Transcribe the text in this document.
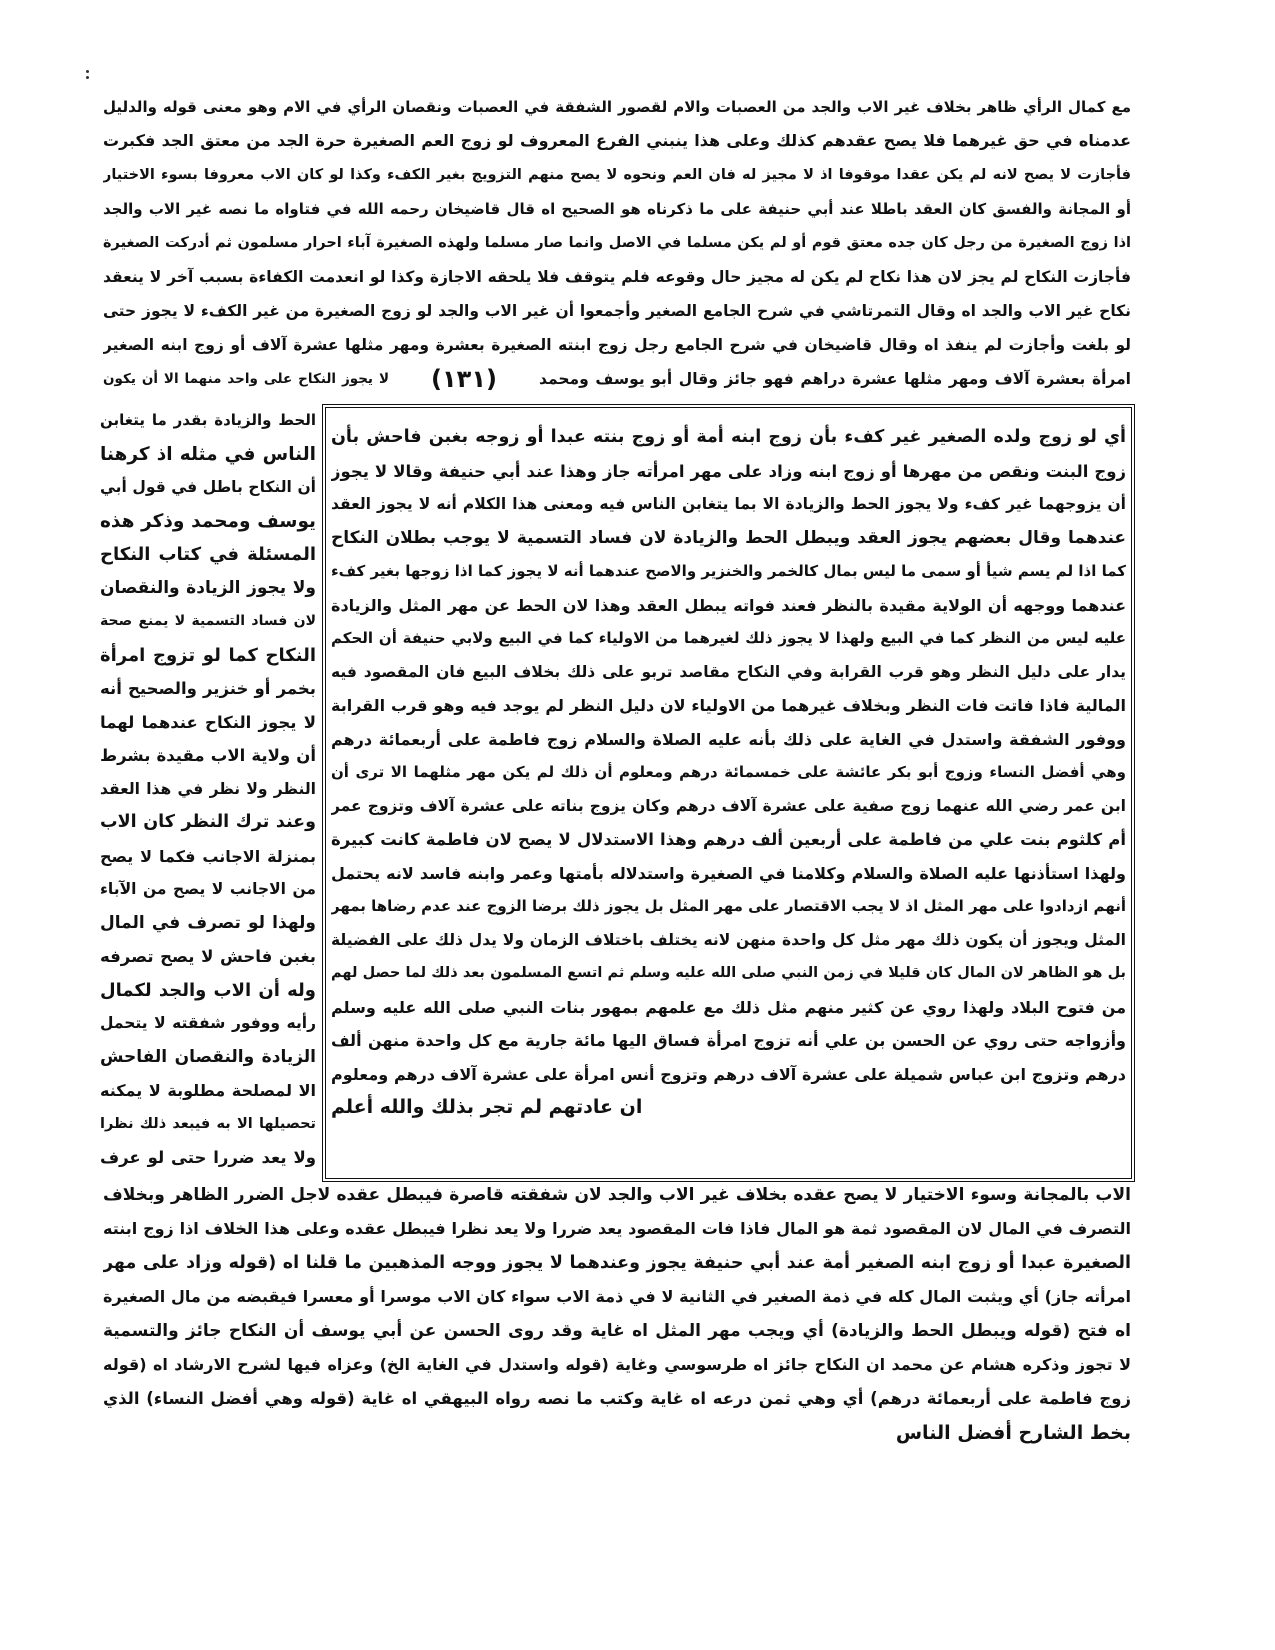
مع كمال الرأي ظاهر بخلاف غير الاب والجد من العصبات والام لقصور الشفقة في العصبات ونقصان الرأي في الام وهو معنى قوله والدليل
عدمناه في حق غيرهما فلا يصح عقدهم كذلك وعلى هذا ينبني الفرع المعروف لو زوج العم الصغيرة حرة الجد من معتق الجد فكبرت
فأجازت لا يصح لانه لم يكن عقدا موقوفا اذ لا مجيز له فان العم ونحوه لا يصح منهم التزويج بغير الكفء وكذا لو كان الاب معروفا بسوء الاختيار
أو المجانة والفسق كان العقد باطلا عند أبي حنيفة على ما ذكرناه هو الصحيح اه قال قاضيخان رحمه الله في فتاواه ما نصه غير الاب والجد
اذا زوج الصغيرة من رجل كان جده معتق قوم أو لم يكن مسلما في الاصل وانما صار مسلما ولهذه الصغيرة آباء احرار مسلمون ثم أدركت الصغيرة
فأجازت النكاح لم يجز لان هذا نكاح لم يكن له مجيز حال وقوعه فلم يتوقف فلا يلحقه الاجازة وكذا لو انعدمت الكفاءة بسبب آخر لا ينعقد
نكاح غير الاب والجد اه وقال التمرتاشي في شرح الجامع الصغير وأجمعوا أن غير الاب والجد لو زوج الصغيرة من غير الكفء لا يجوز حتى
لو بلغت وأجازت لم ينفذ اه وقال قاضيخان في شرح الجامع رجل زوج ابنته الصغيرة بعشرة ومهر مثلها عشرة آلاف أو زوج ابنه الصغير
امرأة بعشرة آلاف ومهر مثلها عشرة دراهم فهو جائز وقال أبو يوسف ومحمد
(١٣١)
لا يجوز النكاح على واحد منهما الا أن يكون
أي لو زوج ولده الصغير غير كفء بأن زوج ابنه أمة أو زوج بنته عبدا أو زوجه بغبن فاحش بأن
زوج البنت ونقص من مهرها أو زوج ابنه وزاد على مهر امرأته جاز وهذا عند أبي حنيفة وقالا لا يجوز
أن يزوجهما غير كفء ولا يجوز الحط والزيادة الا بما يتغابن الناس فيه ومعنى هذا الكلام أنه لا يجوز العقد
عندهما وقال بعضهم يجوز العقد ويبطل الحط والزيادة لان فساد التسمية لا يوجب بطلان النكاح
كما اذا لم يسم شيأ أو سمى ما ليس بمال كالخمر والخنزير والاصح عندهما أنه لا يجوز كما اذا زوجها بغير كفء
عندهما ووجهه أن الولاية مقيدة بالنظر فعند فواته يبطل العقد وهذا لان الحط عن مهر المثل والزيادة
عليه ليس من النظر كما في البيع ولهذا لا يجوز ذلك لغيرهما من الاولياء كما في البيع ولابي حنيفة أن الحكم
يدار على دليل النظر وهو قرب القرابة وفي النكاح مقاصد تربو على ذلك بخلاف البيع فان المقصود فيه
المالية فاذا فاتت فات النظر وبخلاف غيرهما من الاولياء لان دليل النظر لم يوجد فيه وهو قرب القرابة
ووفور الشفقة واستدل في الغاية على ذلك بأنه عليه الصلاة والسلام زوج فاطمة على أربعمائة درهم
وهي أفضل النساء وزوج أبو بكر عائشة على خمسمائة درهم ومعلوم أن ذلك لم يكن مهر مثلهما الا ترى أن
ابن عمر رضي الله عنهما زوج صفية على عشرة آلاف درهم وكان يزوج بناته على عشرة آلاف وتزوج عمر
أم كلثوم بنت علي من فاطمة على أربعين ألف درهم وهذا الاستدلال لا يصح لان فاطمة كانت كبيرة
ولهذا استأذنها عليه الصلاة والسلام وكلامنا في الصغيرة واستدلاله بأمتها وعمر وابنه فاسد لانه يحتمل
أنهم ازدادوا على مهر المثل اذ لا يجب الاقتصار على مهر المثل بل يجوز ذلك برضا الزوج عند عدم رضاها بمهر
المثل ويجوز أن يكون ذلك مهر مثل كل واحدة منهن لانه يختلف باختلاف الزمان ولا يدل ذلك على الفضيلة
بل هو الظاهر لان المال كان قليلا في زمن النبي صلى الله عليه وسلم ثم اتسع المسلمون بعد ذلك لما حصل لهم
من فتوح البلاد ولهذا روي عن كثير منهم مثل ذلك مع علمهم بمهور بنات النبي صلى الله عليه وسلم
وأزواجه حتى روي عن الحسن بن علي أنه تزوج امرأة فساق اليها مائة جارية مع كل واحدة منهن ألف
درهم وتزوج ابن عباس شميلة على عشرة آلاف درهم وتزوج أنس امرأة على عشرة آلاف درهم ومعلوم
ان عادتهم لم تجر بذلك والله أعلم
الحط والزيادة بقدر ما يتغابن
الناس في مثله اذ كرهنا
أن النكاح باطل في قول أبي
يوسف ومحمد وذكر هذه
المسئلة في كتاب النكاح
ولا يجوز الزيادة والنقصان
لان فساد التسمية لا يمنع صحة
النكاح كما لو تزوج امرأة
بخمر أو خنزير والصحيح أنه
لا يجوز النكاح عندهما لهما
أن ولاية الاب مقيدة بشرط
النظر ولا نظر في هذا العقد
وعند ترك النظر كان الاب
بمنزلة الاجانب فكما لا يصح
من الاجانب لا يصح من الآباء
ولهذا لو تصرف في المال
بغبن فاحش لا يصح تصرفه
وله أن الاب والجد لكمال
رأيه ووفور شفقته لا يتحمل
الزيادة والنقصان الفاحش
الا لمصلحة مطلوبة لا يمكنه
تحصيلها الا به فيبعد ذلك نظرا
ولا يعد ضررا حتى لو عرف
الاب بالمجانة وسوء الاختيار لا يصح عقده بخلاف غير الاب والجد لان شفقته قاصرة فيبطل عقده لاجل الضرر الظاهر وبخلاف
التصرف في المال لان المقصود ثمة هو المال فاذا فات المقصود يعد ضررا ولا يعد نظرا فيبطل عقده وعلى هذا الخلاف اذا زوج ابنته
الصغيرة عبدا أو زوج ابنه الصغير أمة عند أبي حنيفة يجوز وعندهما لا يجوز ووجه المذهبين ما قلنا اه (قوله وزاد على مهر
امرأته جاز) أي ويثبت المال كله في ذمة الصغير في الثانية لا في ذمة الاب سواء كان الاب موسرا أو معسرا فيقبضه من مال الصغيرة
اه فتح (قوله ويبطل الحط والزيادة) أي ويجب مهر المثل اه غاية وقد روى الحسن عن أبي يوسف أن النكاح جائز والتسمية
لا تجوز وذكره هشام عن محمد ان النكاح جائز اه طرسوسي وغاية (قوله واستدل في الغاية الخ) وعزاه فيها لشرح الارشاد اه (قوله
زوج فاطمة على أربعمائة درهم) أي وهي ثمن درعه اه غاية وكتب ما نصه رواه البيهقي اه غاية (قوله وهي أفضل النساء) الذي
بخط الشارح أفضل الناس
